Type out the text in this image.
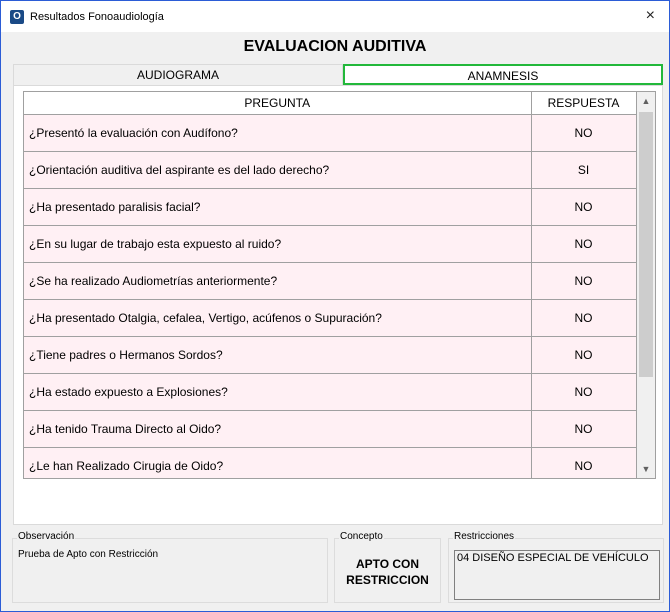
O Resultados Fonoaudiología	×
EVALUACION AUDITIVA
AUDIOGRAMA	ANAMNESIS
PREGUNTA	RESPUESTA
¿Presentó la evaluación con Audífono?	NO
¿Orientación auditiva del aspirante es del lado derecho?	SI
¿Ha presentado paralisis facial?	NO
¿En su lugar de trabajo esta expuesto al ruido?	NO
¿Se ha realizado Audiometrías anteriormente?	NO
¿Ha presentado Otalgia, cefalea, Vertigo, acúfenos o Supuración?	NO
¿Tiene padres o Hermanos Sordos?	NO
¿Ha estado expuesto a Explosiones?	NO
¿Ha tenido Trauma Directo al Oido?	NO
¿Le han Realizado Cirugia de Oido?	NO
▲
▼
Observación
Prueba de Apto con Restricción
Concepto
APTO CON
RESTRICCION
Restricciones
04 DISEÑO ESPECIAL DE VEHÍCULO
